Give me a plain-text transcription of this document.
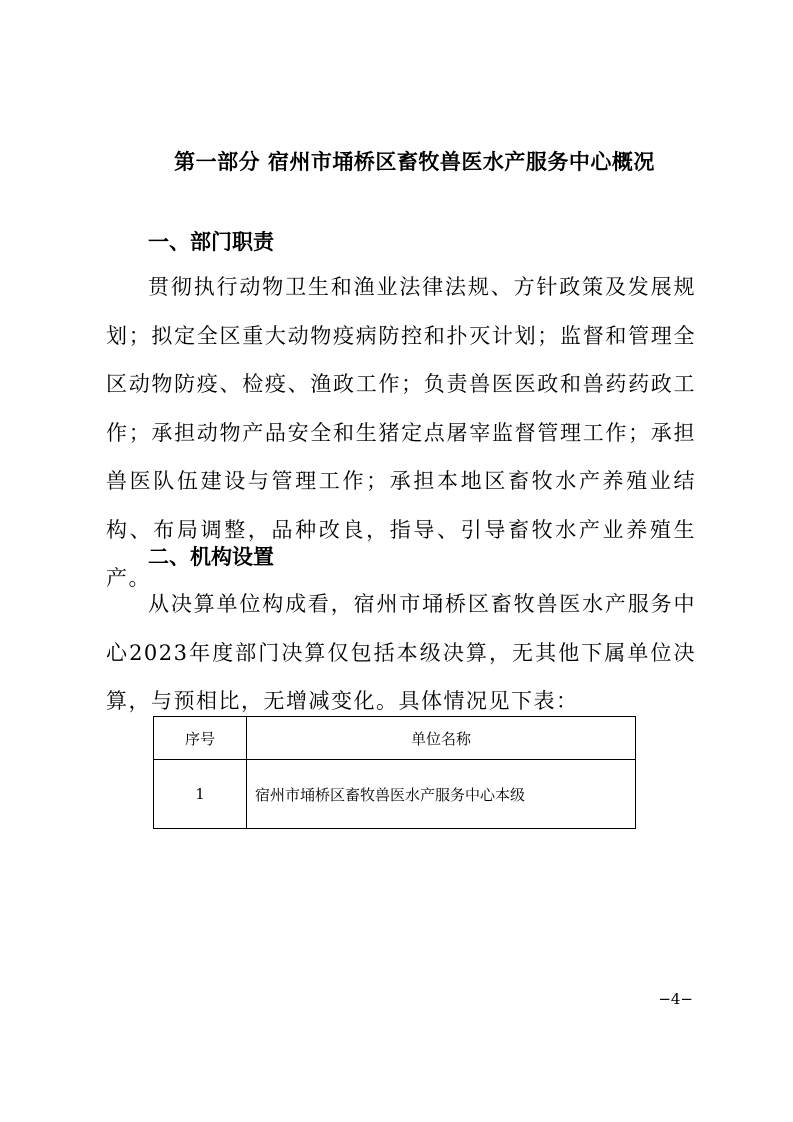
第一部分 宿州市埇桥区畜牧兽医水产服务中心概况
一、部门职责

贯彻执行动物卫生和渔业法律法规、方针政策及发展规划；拟定全区重大动物疫病防控和扑灭计划；监督和管理全区动物防疫、检疫、渔政工作；负责兽医医政和兽药药政工作；承担动物产品安全和生猪定点屠宰监督管理工作；承担兽医队伍建设与管理工作；承担本地区畜牧水产养殖业结构、布局调整，品种改良，指导、引导畜牧水产业养殖生产。

二、机构设置

从决算单位构成看，宿州市埇桥区畜牧兽医水产服务中心2023年度部门决算仅包括本级决算，无其他下属单位决算，与预相比，无增减变化。具体情况见下表：

序号	单位名称
1	宿州市埇桥区畜牧兽医水产服务中心本级

−4−
